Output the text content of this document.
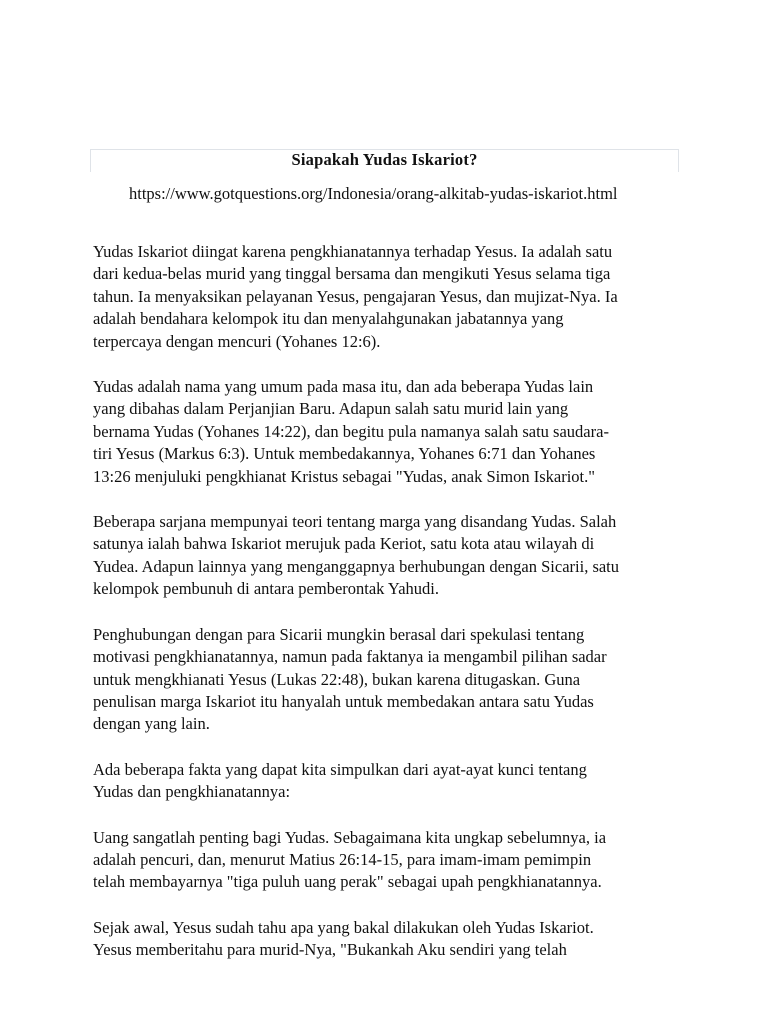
Siapakah Yudas Iskariot?
https://www.gotquestions.org/Indonesia/orang-alkitab-yudas-iskariot.html

Yudas Iskariot diingat karena pengkhianatannya terhadap Yesus. Ia adalah satu
dari kedua-belas murid yang tinggal bersama dan mengikuti Yesus selama tiga
tahun. Ia menyaksikan pelayanan Yesus, pengajaran Yesus, dan mujizat-Nya. Ia
adalah bendahara kelompok itu dan menyalahgunakan jabatannya yang
terpercaya dengan mencuri (Yohanes 12:6).

Yudas adalah nama yang umum pada masa itu, dan ada beberapa Yudas lain
yang dibahas dalam Perjanjian Baru. Adapun salah satu murid lain yang
bernama Yudas (Yohanes 14:22), dan begitu pula namanya salah satu saudara-
tiri Yesus (Markus 6:3). Untuk membedakannya, Yohanes 6:71 dan Yohanes
13:26 menjuluki pengkhianat Kristus sebagai "Yudas, anak Simon Iskariot."

Beberapa sarjana mempunyai teori tentang marga yang disandang Yudas. Salah
satunya ialah bahwa Iskariot merujuk pada Keriot, satu kota atau wilayah di
Yudea. Adapun lainnya yang menganggapnya berhubungan dengan Sicarii, satu
kelompok pembunuh di antara pemberontak Yahudi.

Penghubungan dengan para Sicarii mungkin berasal dari spekulasi tentang
motivasi pengkhianatannya, namun pada faktanya ia mengambil pilihan sadar
untuk mengkhianati Yesus (Lukas 22:48), bukan karena ditugaskan. Guna
penulisan marga Iskariot itu hanyalah untuk membedakan antara satu Yudas
dengan yang lain.

Ada beberapa fakta yang dapat kita simpulkan dari ayat-ayat kunci tentang
Yudas dan pengkhianatannya:

Uang sangatlah penting bagi Yudas. Sebagaimana kita ungkap sebelumnya, ia
adalah pencuri, dan, menurut Matius 26:14-15, para imam-imam pemimpin
telah membayarnya "tiga puluh uang perak" sebagai upah pengkhianatannya.

Sejak awal, Yesus sudah tahu apa yang bakal dilakukan oleh Yudas Iskariot.
Yesus memberitahu para murid-Nya, "Bukankah Aku sendiri yang telah
